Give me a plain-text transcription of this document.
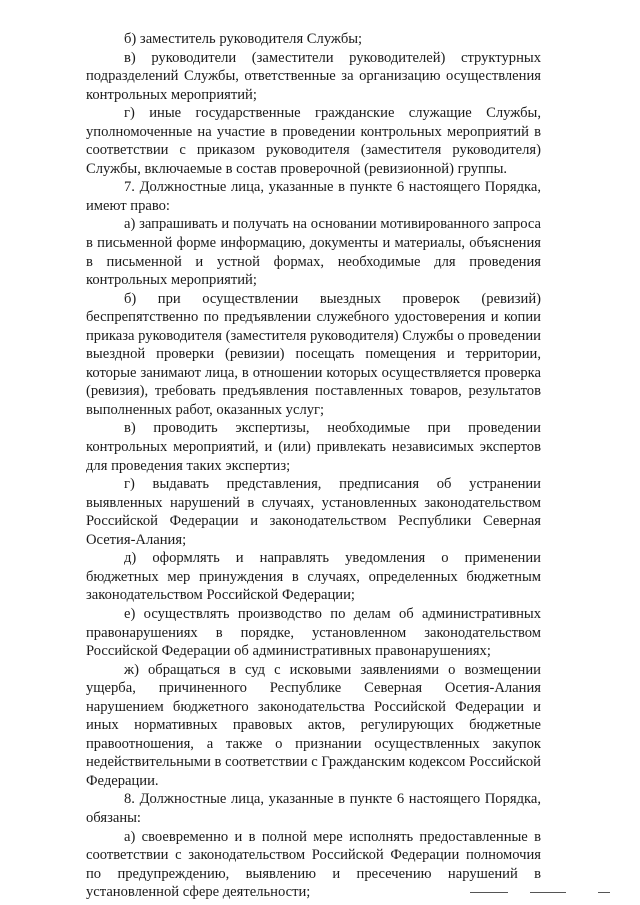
б) заместитель руководителя Службы;

в) руководители (заместители руководителей) структурных подразделений Службы, ответственные за организацию осуществления контрольных мероприятий;

г) иные государственные гражданские служащие Службы, уполномоченные на участие в проведении контрольных мероприятий в соответствии с приказом руководителя (заместителя руководителя) Службы, включаемые в состав проверочной (ревизионной) группы.

7. Должностные лица, указанные в пункте 6 настоящего Порядка, имеют право:

а) запрашивать и получать на основании мотивированного запроса в письменной форме информацию, документы и материалы, объяснения в письменной и устной формах, необходимые для проведения контрольных мероприятий;

б) при осуществлении выездных проверок (ревизий) беспрепятственно по предъявлении служебного удостоверения и копии приказа руководителя (заместителя руководителя) Службы о проведении выездной проверки (ревизии) посещать помещения и территории, которые занимают лица, в отношении которых осуществляется проверка (ревизия), требовать предъявления поставленных товаров, результатов выполненных работ, оказанных услуг;

в) проводить экспертизы, необходимые при проведении контрольных мероприятий, и (или) привлекать независимых экспертов для проведения таких экспертиз;

г) выдавать представления, предписания об устранении выявленных нарушений в случаях, установленных законодательством Российской Федерации и законодательством Республики Северная Осетия-Алания;

д) оформлять и направлять уведомления о применении бюджетных мер принуждения в случаях, определенных бюджетным законодательством Российской Федерации;

е) осуществлять производство по делам об административных правонарушениях в порядке, установленном законодательством Российской Федерации об административных правонарушениях;

ж) обращаться в суд с исковыми заявлениями о возмещении ущерба, причиненного Республике Северная Осетия-Алания нарушением бюджетного законодательства Российской Федерации и иных нормативных правовых актов, регулирующих бюджетные правоотношения, а также о признании осуществленных закупок недействительными в соответствии с Гражданским кодексом Российской Федерации.

8. Должностные лица, указанные в пункте 6 настоящего Порядка, обязаны:

а) своевременно и в полной мере исполнять предоставленные в соответствии с законодательством Российской Федерации полномочия по предупреждению, выявлению и пресечению нарушений в установленной сфере деятельности;
